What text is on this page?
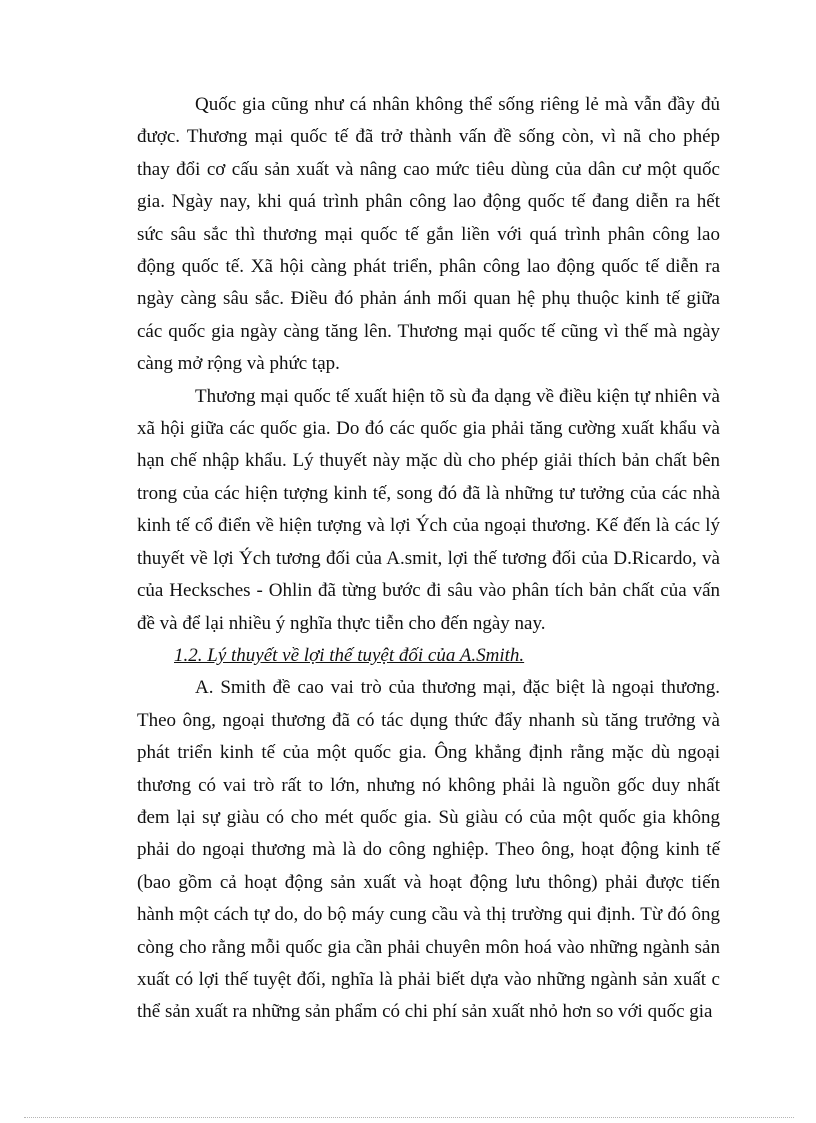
Quốc gia cũng như cá nhân không thể sống riêng lẻ mà vẫn đầy đủ được. Thương mại quốc tế đã trở thành vấn đề sống còn, vì nã cho phép thay đổi cơ cấu sản xuất và nâng cao mức tiêu dùng của dân cư một quốc gia. Ngày nay, khi quá trình phân công lao động quốc tế đang diễn ra hết sức sâu sắc thì thương mại quốc tế gắn liền với quá trình phân công lao động quốc tế. Xã hội càng phát triển, phân công lao động quốc tế diễn ra ngày càng sâu sắc. Điều đó phản ánh mối quan hệ phụ thuộc kinh tế giữa các quốc gia ngày càng tăng lên. Thương mại quốc tế cũng vì thế mà ngày càng mở rộng và phức tạp.

Thương mại quốc tế xuất hiện tõ sù đa dạng về điều kiện tự nhiên và xã hội giữa các quốc gia. Do đó các quốc gia phải tăng cường xuất khẩu và hạn chế nhập khẩu. Lý thuyết này mặc dù cho phép giải thích bản chất bên trong của các hiện tượng kinh tế, song đó đã là những tư tưởng của các nhà kinh tế cổ điển về hiện tượng và lợi Ých của ngoại thương. Kế đến là các lý thuyết về lợi Ých tương đối của A.smit, lợi thế tương đối của D.Ricardo, và của Hecksches - Ohlin đã từng bước đi sâu vào phân tích bản chất của vấn đề và để lại nhiều ý nghĩa thực tiễn cho đến ngày nay.

1.2. Lý thuyết về lợi thế tuyệt đối của A.Smith.

A. Smith đề cao vai trò của thương mại, đặc biệt là ngoại thương. Theo ông, ngoại thương đã có tác dụng thức đẩy nhanh sù tăng trưởng và phát triển kinh tế của một quốc gia. Ông khẳng định rằng mặc dù ngoại thương có vai trò rất to lớn, nhưng nó không phải là nguồn gốc duy nhất đem lại sự giàu có cho mét quốc gia. Sù giàu có của một quốc gia không phải do ngoại thương mà là do công nghiệp. Theo ông, hoạt động kinh tế (bao gồm cả hoạt động sản xuất và hoạt động lưu thông) phải được tiến hành một cách tự do, do bộ máy cung cầu và thị trường qui định. Từ đó ông còng cho rằng mỗi quốc gia cần phải chuyên môn hoá vào những ngành sản xuất có lợi thế tuyệt đối, nghĩa là phải biết dựa vào những ngành sản xuất c thể sản xuất ra những sản phẩm có chi phí sản xuất nhỏ hơn so với quốc gia
